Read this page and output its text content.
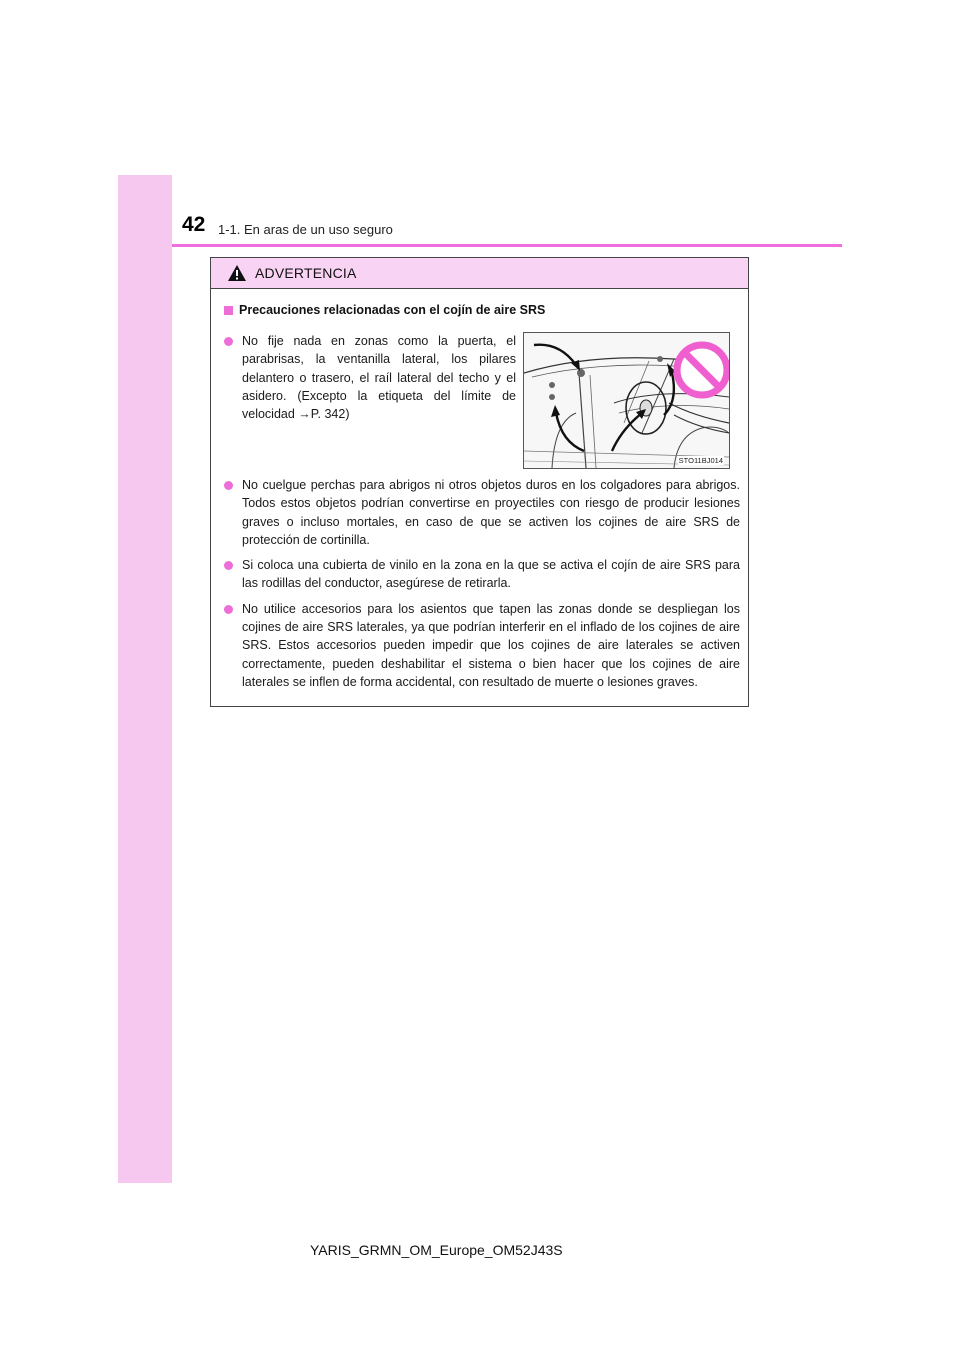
42 1-1. En aras de un uso seguro
ADVERTENCIA
Precauciones relacionadas con el cojín de aire SRS
No fije nada en zonas como la puerta, el parabrisas, la ventanilla lateral, los pilares delantero o trasero, el raíl lateral del techo y el asidero. (Excepto la etiqueta del límite de velocidad →P. 342)
STO11BJ014
No cuelgue perchas para abrigos ni otros objetos duros en los colgadores para abrigos. Todos estos objetos podrían convertirse en proyectiles con riesgo de producir lesiones graves o incluso mortales, en caso de que se activen los cojines de aire SRS de protección de cortinilla.
Si coloca una cubierta de vinilo en la zona en la que se activa el cojín de aire SRS para las rodillas del conductor, asegúrese de retirarla.
No utilice accesorios para los asientos que tapen las zonas donde se despliegan los cojines de aire SRS laterales, ya que podrían interferir en el inflado de los cojines de aire SRS. Estos accesorios pueden impedir que los cojines de aire laterales se activen correctamente, pueden deshabilitar el sistema o bien hacer que los cojines de aire laterales se inflen de forma accidental, con resultado de muerte o lesiones graves.
YARIS_GRMN_OM_Europe_OM52J43S
